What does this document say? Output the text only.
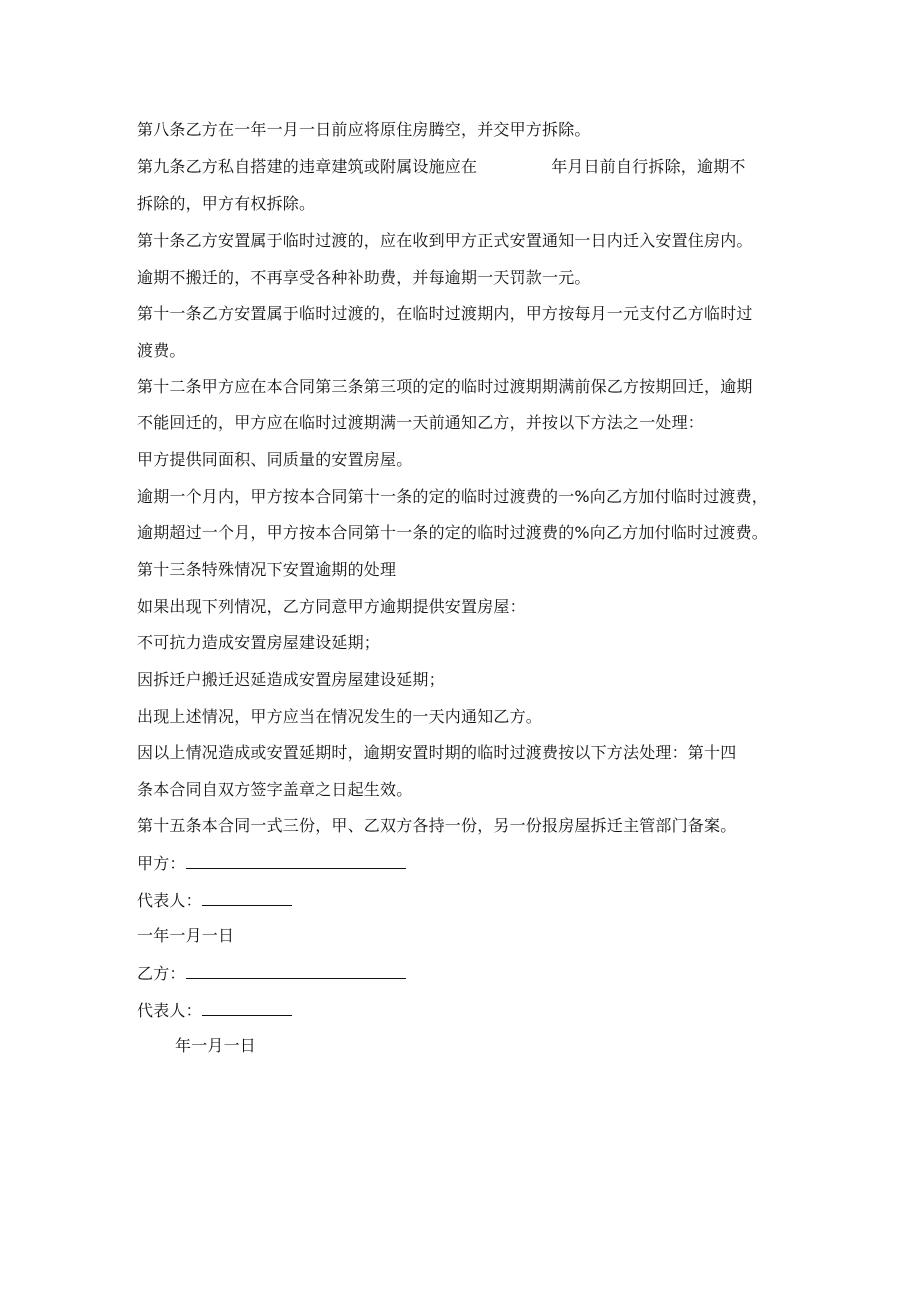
第八条乙方在一年一月一日前应将原住房腾空，并交甲方拆除。
第九条乙方私自搭建的违章建筑或附属设施应在	年月日前自行拆除，逾期不
拆除的，甲方有权拆除。
第十条乙方安置属于临时过渡的，应在收到甲方正式安置通知一日内迁入安置住房内。
逾期不搬迁的，不再享受各种补助费，并每逾期一天罚款一元。
第十一条乙方安置属于临时过渡的，在临时过渡期内，甲方按每月一元支付乙方临时过
渡费。
第十二条甲方应在本合同第三条第三项的定的临时过渡期期满前保乙方按期回迁，逾期
不能回迁的，甲方应在临时过渡期满一天前通知乙方，并按以下方法之一处理：
甲方提供同面积、同质量的安置房屋。
逾期一个月内，甲方按本合同第十一条的定的临时过渡费的一%向乙方加付临时过渡费，
逾期超过一个月，甲方按本合同第十一条的定的临时过渡费的%向乙方加付临时过渡费。
第十三条特殊情况下安置逾期的处理
如果出现下列情况，乙方同意甲方逾期提供安置房屋：
不可抗力造成安置房屋建设延期；
因拆迁户搬迁迟延造成安置房屋建设延期；
出现上述情况，甲方应当在情况发生的一天内通知乙方。
因以上情况造成或安置延期时，逾期安置时期的临时过渡费按以下方法处理：第十四
条本合同自双方签字盖章之日起生效。
第十五条本合同一式三份，甲、乙双方各持一份，另一份报房屋拆迁主管部门备案。
甲方：
代表人：
一年一月一日
乙方：
代表人：
年一月一日
